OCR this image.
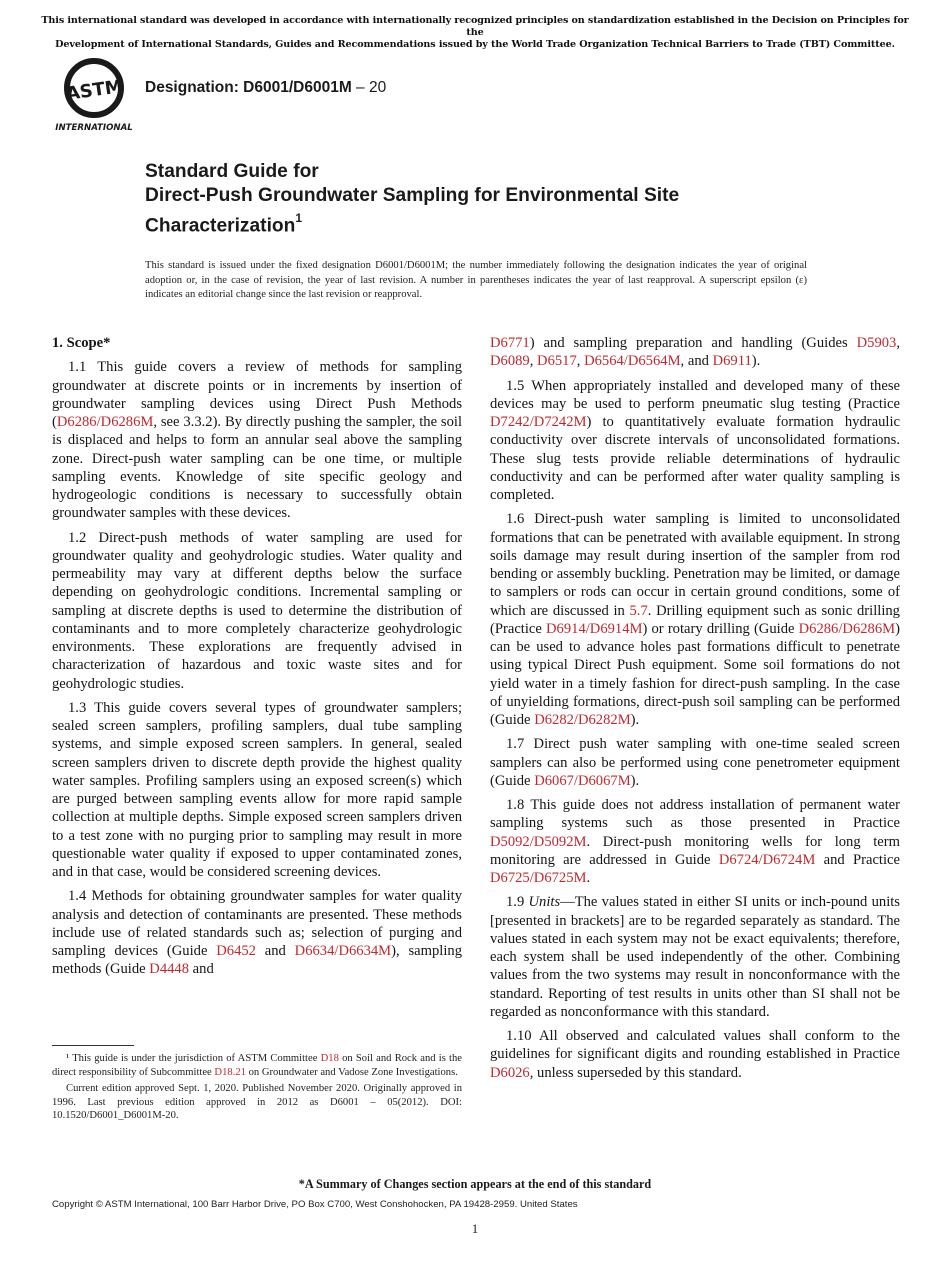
This international standard was developed in accordance with internationally recognized principles on standardization established in the Decision on Principles for the
Development of International Standards, Guides and Recommendations issued by the World Trade Organization Technical Barriers to Trade (TBT) Committee.
ASTM
INTERNATIONAL
Designation: D6001/D6001M – 20
Standard Guide for
Direct-Push Groundwater Sampling for Environmental Site
Characterization$^1$
This standard is issued under the fixed designation D6001/D6001M; the number immediately following the designation indicates the year of original adoption or, in the case of revision, the year of last revision. A number in parentheses indicates the year of last reapproval. A superscript epsilon (ε) indicates an editorial change since the last revision or reapproval.

1. Scope*

1.1 This guide covers a review of methods for sampling groundwater at discrete points or in increments by insertion of groundwater sampling devices using Direct Push Methods (D6286/D6286M, see 3.3.2). By directly pushing the sampler, the soil is displaced and helps to form an annular seal above the sampling zone. Direct-push water sampling can be one time, or multiple sampling events. Knowledge of site specific geology and hydrogeologic conditions is necessary to successfully obtain groundwater samples with these devices.

1.2 Direct-push methods of water sampling are used for groundwater quality and geohydrologic studies. Water quality and permeability may vary at different depths below the surface depending on geohydrologic conditions. Incremental sampling or sampling at discrete depths is used to determine the distribution of contaminants and to more completely characterize geohydrologic environments. These explorations are frequently advised in characterization of hazardous and toxic waste sites and for geohydrologic studies.

1.3 This guide covers several types of groundwater samplers; sealed screen samplers, profiling samplers, dual tube sampling systems, and simple exposed screen samplers. In general, sealed screen samplers driven to discrete depth provide the highest quality water samples. Profiling samplers using an exposed screen(s) which are purged between sampling events allow for more rapid sample collection at multiple depths. Simple exposed screen samplers driven to a test zone with no purging prior to sampling may result in more questionable water quality if exposed to upper contaminated zones, and in that case, would be considered screening devices.

1.4 Methods for obtaining groundwater samples for water quality analysis and detection of contaminants are presented. These methods include use of related standards such as; selection of purging and sampling devices (Guide D6452 and D6634/D6634M), sampling methods (Guide D4448 and

¹ This guide is under the jurisdiction of ASTM Committee D18 on Soil and Rock and is the direct responsibility of Subcommittee D18.21 on Groundwater and Vadose Zone Investigations.

Current edition approved Sept. 1, 2020. Published November 2020. Originally approved in 1996. Last previous edition approved in 2012 as D6001 – 05(2012). DOI: 10.1520/D6001_D6001M-20.

D6771) and sampling preparation and handling (Guides D5903, D6089, D6517, D6564/D6564M, and D6911).

1.5 When appropriately installed and developed many of these devices may be used to perform pneumatic slug testing (Practice D7242/D7242M) to quantitatively evaluate formation hydraulic conductivity over discrete intervals of unconsolidated formations. These slug tests provide reliable determinations of hydraulic conductivity and can be performed after water quality sampling is completed.

1.6 Direct-push water sampling is limited to unconsolidated formations that can be penetrated with available equipment. In strong soils damage may result during insertion of the sampler from rod bending or assembly buckling. Penetration may be limited, or damage to samplers or rods can occur in certain ground conditions, some of which are discussed in 5.7. Drilling equipment such as sonic drilling (Practice D6914/D6914M) or rotary drilling (Guide D6286/D6286M) can be used to advance holes past formations difficult to penetrate using typical Direct Push equipment. Some soil formations do not yield water in a timely fashion for direct-push sampling. In the case of unyielding formations, direct-push soil sampling can be performed (Guide D6282/D6282M).

1.7 Direct push water sampling with one-time sealed screen samplers can also be performed using cone penetrometer equipment (Guide D6067/D6067M).

1.8 This guide does not address installation of permanent water sampling systems such as those presented in Practice D5092/D5092M. Direct-push monitoring wells for long term monitoring are addressed in Guide D6724/D6724M and Practice D6725/D6725M.

1.9 Units—The values stated in either SI units or inch-pound units [presented in brackets] are to be regarded separately as standard. The values stated in each system may not be exact equivalents; therefore, each system shall be used independently of the other. Combining values from the two systems may result in nonconformance with the standard. Reporting of test results in units other than SI shall not be regarded as nonconformance with this standard.

1.10 All observed and calculated values shall conform to the guidelines for significant digits and rounding established in Practice D6026, unless superseded by this standard.

*A Summary of Changes section appears at the end of this standard
Copyright © ASTM International, 100 Barr Harbor Drive, PO Box C700, West Conshohocken, PA 19428-2959. United States
1
